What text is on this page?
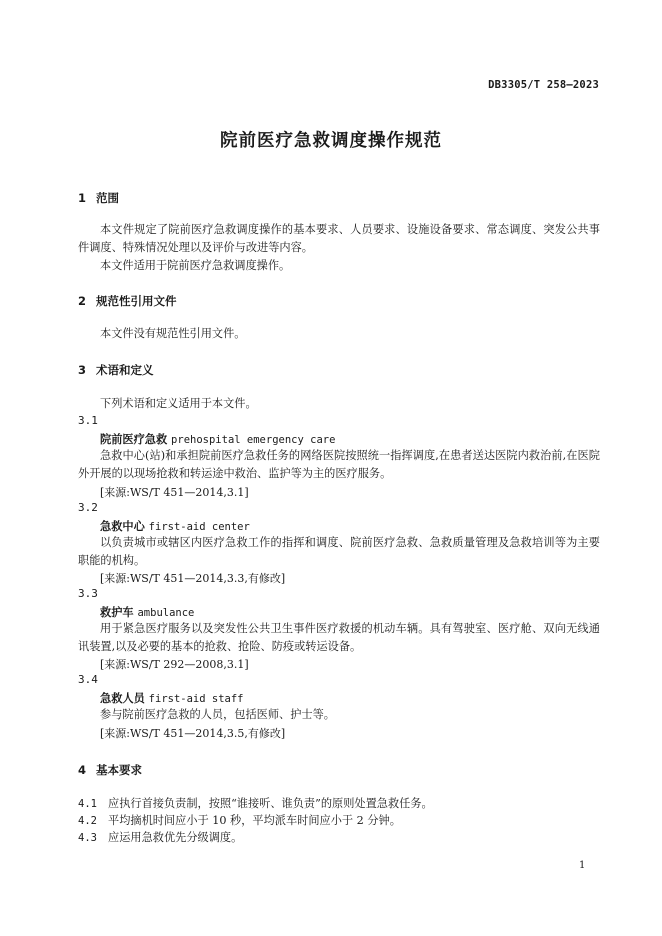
DB3305/T 258—2023
院前医疗急救调度操作规范
1 范围
本文件规定了院前医疗急救调度操作的基本要求、人员要求、设施设备要求、常态调度、突发公共事件调度、特殊情况处理以及评价与改进等内容。
本文件适用于院前医疗急救调度操作。
2 规范性引用文件
本文件没有规范性引用文件。
3 术语和定义
下列术语和定义适用于本文件。
3.1
院前医疗急救 prehospital emergency care
急救中心(站)和承担院前医疗急救任务的网络医院按照统一指挥调度,在患者送达医院内救治前,在医院外开展的以现场抢救和转运途中救治、监护等为主的医疗服务。
[来源:WS/T 451—2014,3.1]
3.2
急救中心 first-aid center
以负责城市或辖区内医疗急救工作的指挥和调度、院前医疗急救、急救质量管理及急救培训等为主要职能的机构。
[来源:WS/T 451—2014,3.3,有修改]
3.3
救护车 ambulance
用于紧急医疗服务以及突发性公共卫生事件医疗救援的机动车辆。具有驾驶室、医疗舱、双向无线通讯装置,以及必要的基本的抢救、抢险、防疫或转运设备。
[来源:WS/T 292—2008,3.1]
3.4
急救人员 first-aid staff
参与院前医疗急救的人员，包括医师、护士等。
[来源:WS/T 451—2014,3.5,有修改]
4 基本要求
4.1 应执行首接负责制，按照“谁接听、谁负责”的原则处置急救任务。
4.2 平均摘机时间应小于 10 秒，平均派车时间应小于 2 分钟。
4.3 应运用急救优先分级调度。
1
